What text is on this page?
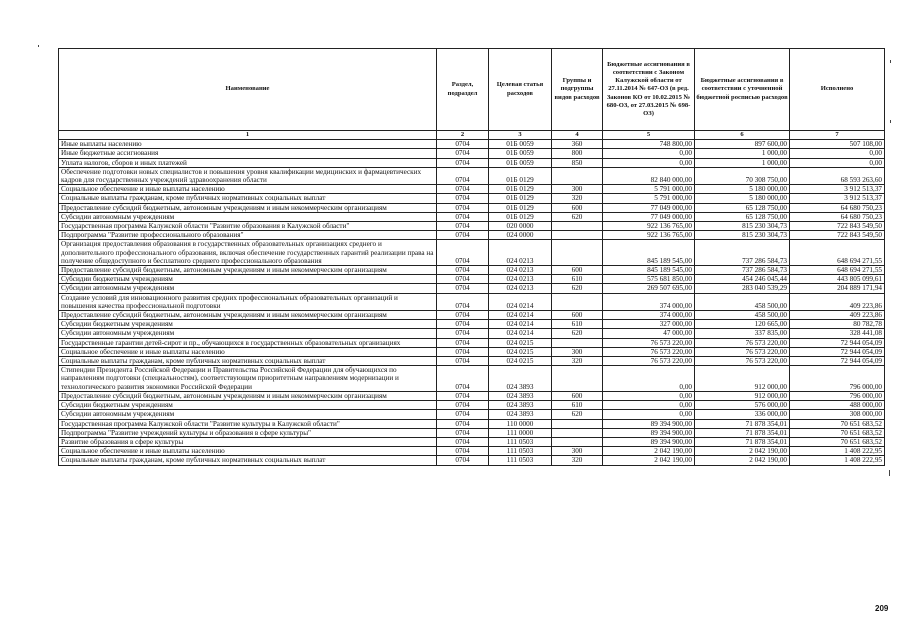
Наименование	Раздел, подраздел	Целевая статья расходов	Группы и подгруппы видов расходов	Бюджетные ассигнования в соответствии с Законом Калужской области от 27.11.2014 № 647-ОЗ (в ред. Законов КО от 10.02.2015 № 680-ОЗ, от 27.03.2015 № 698-ОЗ)	Бюджетные ассигнования в соответствии с уточненной бюджетной росписью расходов	Исполнено
1	2	3	4	5	6	7
Иные выплаты населению	0704	01Б 0059	360	748 800,00	897 600,00	507 108,00
Иные бюджетные ассигнования	0704	01Б 0059	800	0,00	1 000,00	0,00
Уплата налогов, сборов и иных платежей	0704	01Б 0059	850	0,00	1 000,00	0,00
Обеспечение подготовки новых специалистов и повышения уровня квалификации медицинских и фармацевтических кадров для государственных учреждений здравоохранения области	0704	01Б 0129		82 840 000,00	70 308 750,00	68 593 263,60
Социальное обеспечение и иные выплаты населению	0704	01Б 0129	300	5 791 000,00	5 180 000,00	3 912 513,37
Социальные выплаты гражданам, кроме публичных нормативных социальных выплат	0704	01Б 0129	320	5 791 000,00	5 180 000,00	3 912 513,37
Предоставление субсидий бюджетным, автономным учреждениям и иным некоммерческим организациям	0704	01Б 0129	600	77 049 000,00	65 128 750,00	64 680 750,23
Субсидии автономным учреждениям	0704	01Б 0129	620	77 049 000,00	65 128 750,00	64 680 750,23
Государственная программа Калужской области "Развитие образования в Калужской области"	0704	020 0000		922 136 765,00	815 230 304,73	722 843 549,50
Подпрограмма "Развитие профессионального образования"	0704	024 0000		922 136 765,00	815 230 304,73	722 843 549,50
Организация предоставления образования в государственных образовательных организациях среднего и дополнительного профессионального образования, включая обеспечение государственных гарантий реализации права на получение общедоступного и бесплатного среднего профессионального образования	0704	024 0213		845 189 545,00	737 286 584,73	648 694 271,55
Предоставление субсидий бюджетным, автономным учреждениям и иным некоммерческим организациям	0704	024 0213	600	845 189 545,00	737 286 584,73	648 694 271,55
Субсидии бюджетным учреждениям	0704	024 0213	610	575 681 850,00	454 246 045,44	443 805 099,61
Субсидии автономным учреждениям	0704	024 0213	620	269 507 695,00	283 040 539,29	204 889 171,94
Создание условий для инновационного развития средних профессиональных образовательных организаций и повышения качества профессиональной подготовки	0704	024 0214		374 000,00	458 500,00	409 223,86
Предоставление субсидий бюджетным, автономным учреждениям и иным некоммерческим организациям	0704	024 0214	600	374 000,00	458 500,00	409 223,86
Субсидии бюджетным учреждениям	0704	024 0214	610	327 000,00	120 665,00	80 782,78
Субсидии автономным учреждениям	0704	024 0214	620	47 000,00	337 835,00	328 441,08
Государственные гарантии детей-сирот и пр., обучающихся в государственных образовательных организациях	0704	024 0215		76 573 220,00	76 573 220,00	72 944 054,09
Социальное обеспечение и иные выплаты населению	0704	024 0215	300	76 573 220,00	76 573 220,00	72 944 054,09
Социальные выплаты гражданам, кроме публичных нормативных социальных выплат	0704	024 0215	320	76 573 220,00	76 573 220,00	72 944 054,09
Стипендии Президента Российской Федерации и Правительства Российской Федерации для обучающихся по направлениям подготовки (специальностям), соответствующим приоритетным направлениям модернизации и технологического развития экономики Российской Федерации	0704	024 3893		0,00	912 000,00	796 000,00
Предоставление субсидий бюджетным, автономным учреждениям и иным некоммерческим организациям	0704	024 3893	600	0,00	912 000,00	796 000,00
Субсидии бюджетным учреждениям	0704	024 3893	610	0,00	576 000,00	488 000,00
Субсидии автономным учреждениям	0704	024 3893	620	0,00	336 000,00	308 000,00
Государственная программа Калужской области "Развитие культуры в Калужской области"	0704	110 0000		89 394 900,00	71 878 354,01	70 651 683,52
Подпрограмма "Развитие учреждений культуры и образования в сфере культуры"	0704	111 0000		89 394 900,00	71 878 354,01	70 651 683,52
Развитие образования в сфере культуры	0704	111 0503		89 394 900,00	71 878 354,01	70 651 683,52
Социальное обеспечение и иные выплаты населению	0704	111 0503	300	2 042 190,00	2 042 190,00	1 408 222,95
Социальные выплаты гражданам, кроме публичных нормативных социальных выплат	0704	111 0503	320	2 042 190,00	2 042 190,00	1 408 222,95
209
